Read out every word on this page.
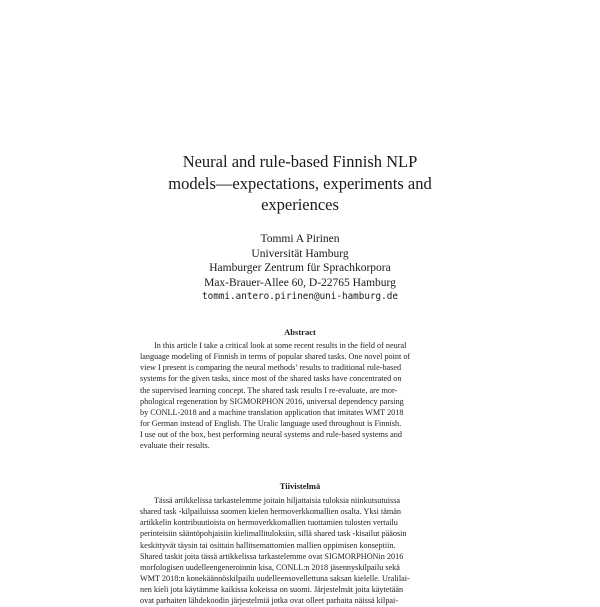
Neural and rule-based Finnish NLP
models—expectations, experiments and
experiences
Tommi A Pirinen
Universität Hamburg
Hamburger Zentrum für Sprachkorpora
Max-Brauer-Allee 60, D-22765 Hamburg
tommi.antero.pirinen@uni-hamburg.de
Abstract

In this article I take a critical look at some recent results in the field of neural
language modeling of Finnish in terms of popular shared tasks. One novel point of
view I present is comparing the neural methods’ results to traditional rule-based
systems for the given tasks, since most of the shared tasks have concentrated on
the supervised learning concept. The shared task results I re-evaluate, are mor-
phological regeneration by SIGMORPHON 2016, universal dependency parsing
by CONLL-2018 and a machine translation application that imitates WMT 2018
for German instead of English. The Uralic language used throughout is Finnish.
I use out of the box, best performing neural systems and rule-based systems and
evaluate their results.

Tiivistelmä

Tässä artikkelissa tarkastelemme joitain hiljattaisia tuloksia niinkutsutuissa
shared task -kilpailuissa suomen kielen hermoverkkomallien osalta. Yksi tämän
artikkelin kontribuutioista on hermoverkkomallien tuottamien tulosten vertailu
perinteisiin sääntöpohjaisiin kielimallituloksiin, sillä shared task -kisailut pääosin
keskittyvät täysin tai osittain hallitsemattomien mallien oppimisen konseptiin.
Shared taskit joita tässä artikkelissa tarkastelemme ovat SIGMORPHONin 2016
morfologisen uudelleengeneroinnin kisa, CONLL:n 2018 jäsennyskilpailu sekä
WMT 2018:n konekäännöskilpailu uudelleensovellettuna saksan kielelle. Uralilai-
nen kieli jota käytämme kaikissa kokeissa on suomi. Järjestelmät joita käytetään
ovat parhaiten lähdekoodin järjestelmiä jotka ovat olleet parhaita näissä kilpai-
